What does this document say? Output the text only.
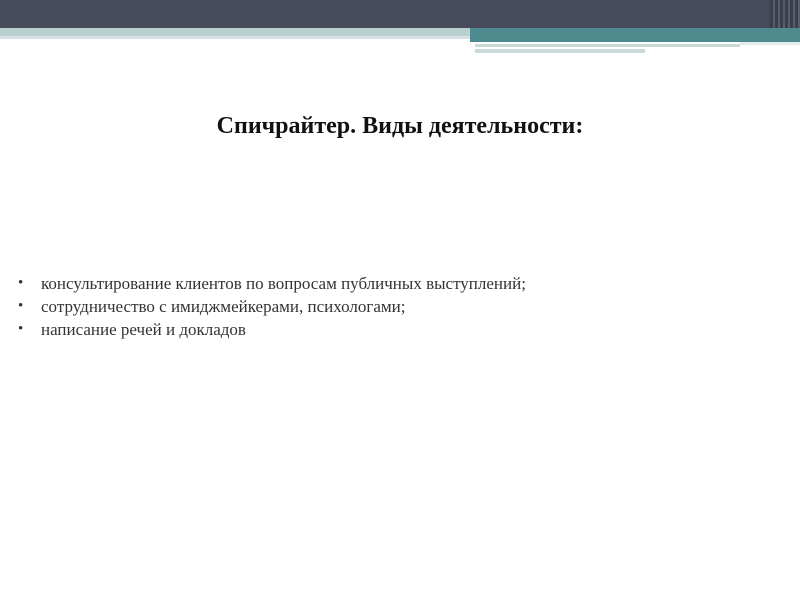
Спичрайтер. Виды деятельности:
• консультирование клиентов по вопросам публичных выступлений;
• сотрудничество с имиджмейкерами, психологами;
• написание речей и докладов
